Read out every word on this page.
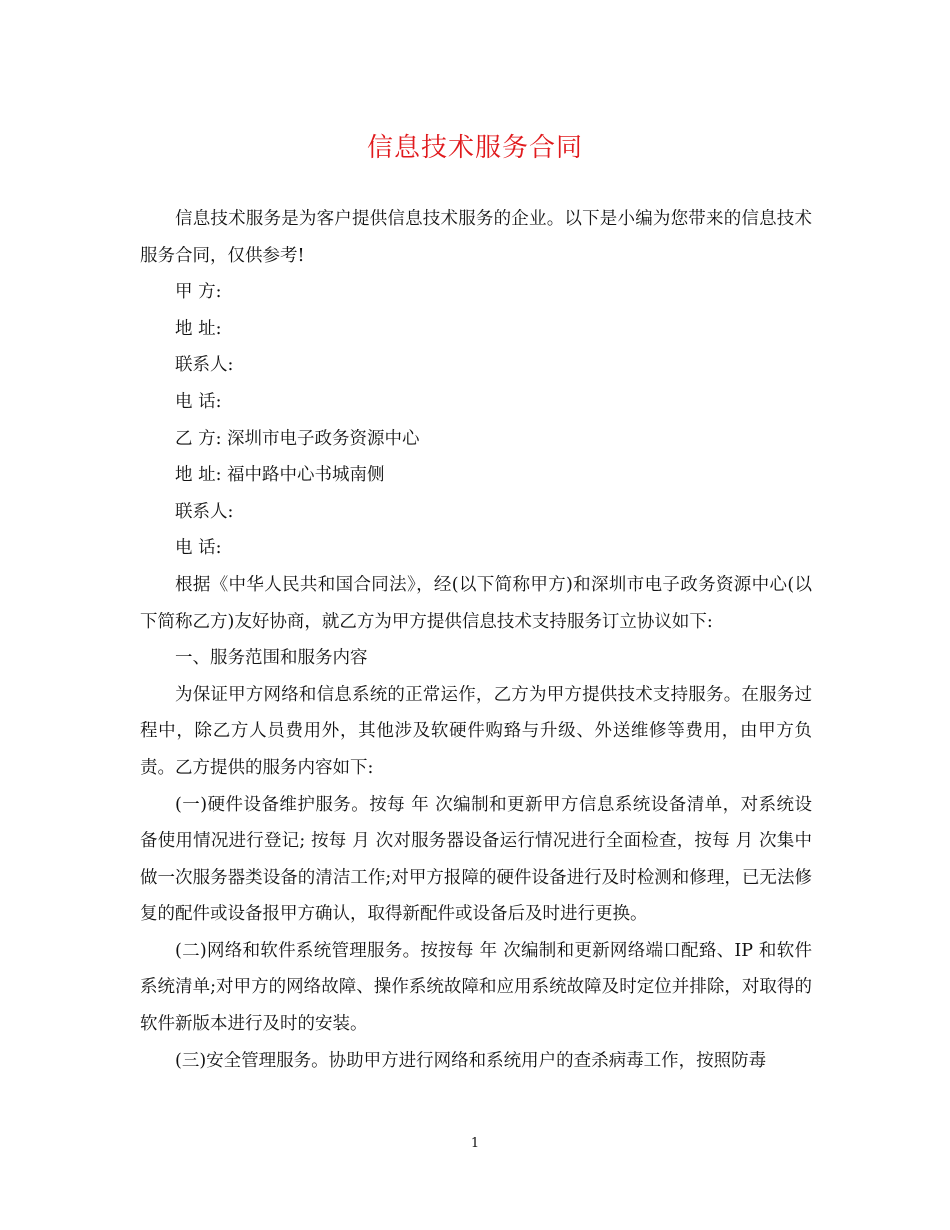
信息技术服务合同

信息技术服务是为客户提供信息技术服务的企业。以下是小编为您带来的信息技术服务合同，仅供参考!

甲 方:

地 址:

联系人:

电 话:

乙 方: 深圳市电子政务资源中心

地 址: 福中路中心书城南侧

联系人:

电 话:

根据《中华人民共和国合同法》，经(以下简称甲方)和深圳市电子政务资源中心(以下简称乙方)友好协商，就乙方为甲方提供信息技术支持服务订立协议如下:

一、服务范围和服务内容

为保证甲方网络和信息系统的正常运作，乙方为甲方提供技术支持服务。在服务过程中，除乙方人员费用外，其他涉及软硬件购臵与升级、外送维修等费用，由甲方负责。乙方提供的服务内容如下:

(一)硬件设备维护服务。按每 年 次编制和更新甲方信息系统设备清单，对系统设备使用情况进行登记; 按每 月 次对服务器设备运行情况进行全面检查，按每 月 次集中做一次服务器类设备的清洁工作;对甲方报障的硬件设备进行及时检测和修理，已无法修复的配件或设备报甲方确认，取得新配件或设备后及时进行更换。

(二)网络和软件系统管理服务。按按每 年 次编制和更新网络端口配臵、IP 和软件系统清单;对甲方的网络故障、操作系统故障和应用系统故障及时定位并排除，对取得的软件新版本进行及时的安装。

(三)安全管理服务。协助甲方进行网络和系统用户的查杀病毒工作，按照防毒

1
